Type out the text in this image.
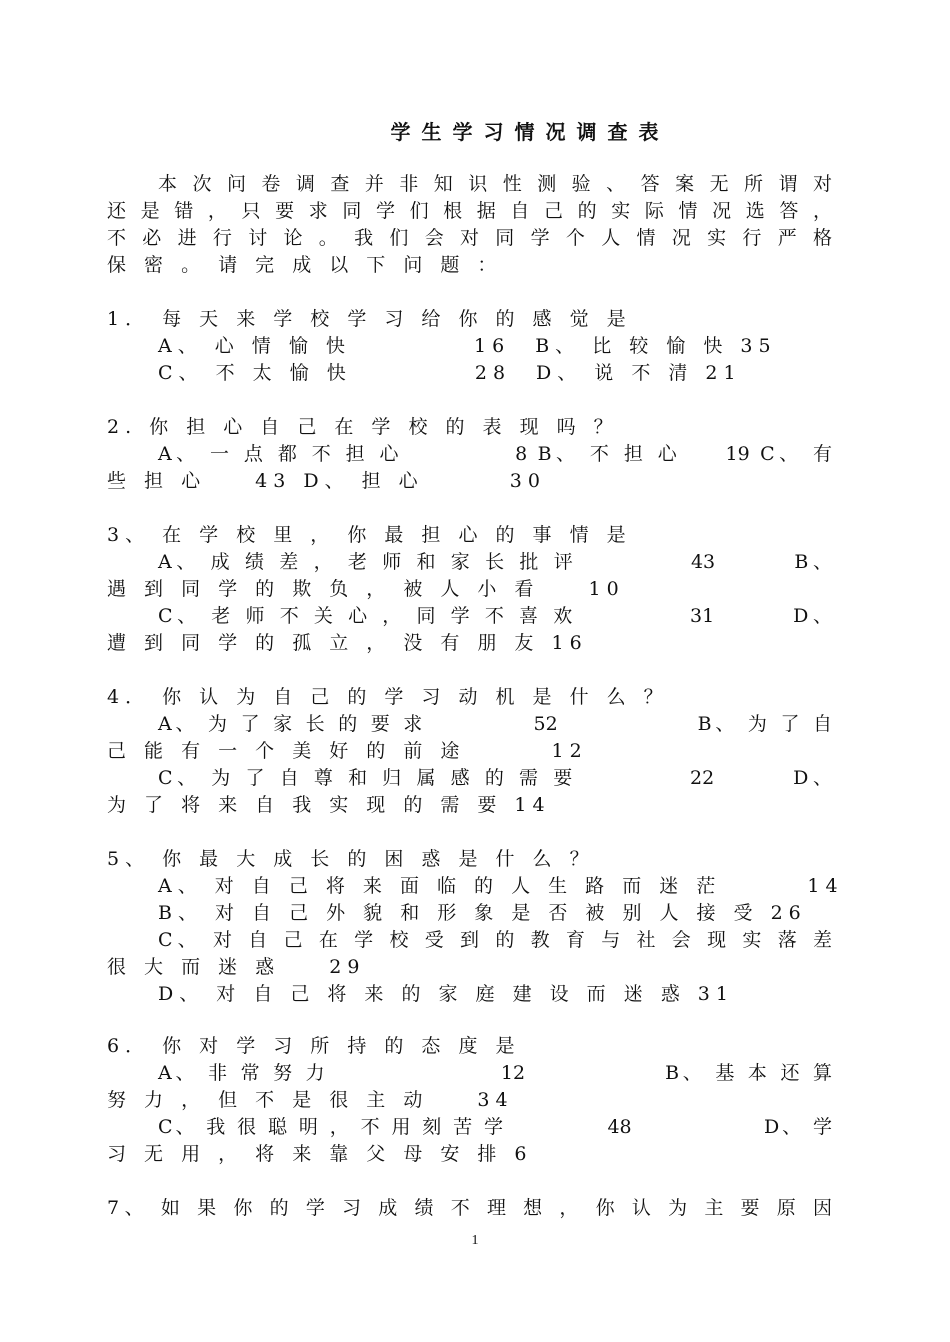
学生学习情况调查表
本 次 问 卷 调 查 并 非 知 识 性 测 验 、 答 案 无 所 谓 对
还 是 错 ， 只 要 求 同 学 们 根 据 自 己 的 实 际 情 况 选 答 ，
不 必 进 行 讨 论 。 我 们 会 对 同 学 个 人 情 况 实 行 严 格
保 密 。 请 完 成 以 下 问 题 ：
1． 每 天 来 学 校 学 习 给 你 的 感 觉 是
A、 心 情 愉 快 　 　 　 16　B、 比 较 愉 快 35
C、 不 太 愉 快 　 　 　 28　D、 说 不 清 21
2. 你 担 心 自 己 在 学 校 的 表 现 吗 ？
A、 一 点 都 不 担 心 　 　 　 8 B、 不 担 心 　 19 C、 有
些 担 心 　 43 D、 担 心 　 　 30
3、 在 学 校 里 ， 你 最 担 心 的 事 情 是
A、 成 绩 差 ， 老 师 和 家 长 批 评 　 　 　 43 　 　 B、
遇 到 同 学 的 欺 负 ， 被 人 小 看 　 10
C、 老 师 不 关 心 ， 同 学 不 喜 欢 　 　 　 31 　 　 D、
遭 到 同 学 的 孤 立 ， 没 有 朋 友 16
4． 你 认 为 自 己 的 学 习 动 机 是 什 么 ？
A、 为 了 家 长 的 要 求 　 　 　 52 　 　 　 　 B、 为 了 自
己 能 有 一 个 美 好 的 前 途 　 　 12
C、 为 了 自 尊 和 归 属 感 的 需 要 　 　 　 22 　 　 D、
为 了 将 来 自 我 实 现 的 需 要 14
5、 你 最 大 成 长 的 困 惑 是 什 么 ？
A、 对 自 己 将 来 面 临 的 人 生 路 而 迷 茫 　 　 14
B、 对 自 己 外 貌 和 形 象 是 否 被 别 人 接 受 26
C、 对 自 己 在 学 校 受 到 的 教 育 与 社 会 现 实 落 差
很 大 而 迷 惑 　 29
D、 对 自 己 将 来 的 家 庭 建 设 而 迷 惑 31
6． 你 对 学 习 所 持 的 态 度 是
A、 非 常 努 力 　 　 　 　 　 12 　 　 　 　 B、 基 本 还 算
努 力 ， 但 不 是 很 主 动 　 34
C、 我 很 聪 明 ， 不 用 刻 苦 学 　 　 　 48 　 　 　 　 D、 学
习 无 用 ， 将 来 靠 父 母 安 排 6
7、 如 果 你 的 学 习 成 绩 不 理 想 ， 你 认 为 主 要 原 因
1
